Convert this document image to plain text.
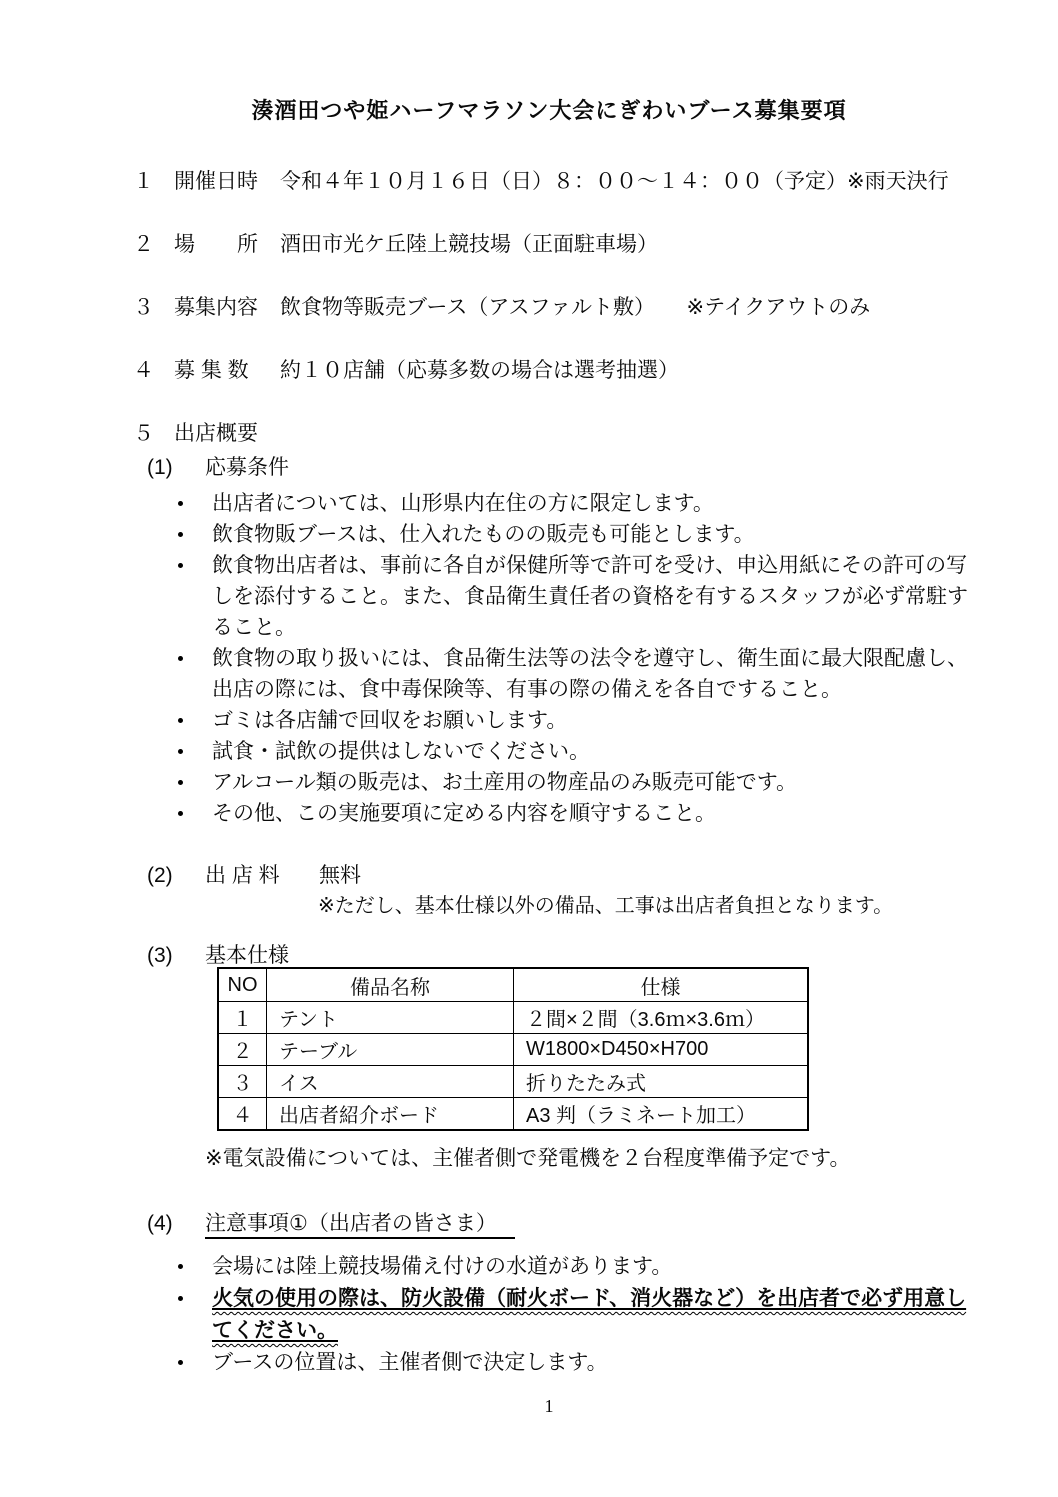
湊酒田つや姫ハーフマラソン大会にぎわいブース募集要項
１ 開催日時	令和４年１０月１６日（日）８：００～１４：００（予定）※雨天決行
２ 場　　所	酒田市光ケ丘陸上競技場（正面駐車場）
３ 募集内容	飲食物等販売ブース（アスファルト敷）　　※テイクアウトのみ
４ 募 集 数	約１０店舗（応募多数の場合は選考抽選）
５ 出店概要
(1)	応募条件
出店者については、山形県内在住の方に限定します。
飲食物販ブースは、仕入れたものの販売も可能とします。
飲食物出店者は、事前に各自が保健所等で許可を受け、申込用紙にその許可の写しを添付すること。また、食品衛生責任者の資格を有するスタッフが必ず常駐すること。
飲食物の取り扱いには、食品衛生法等の法令を遵守し、衛生面に最大限配慮し、出店の際には、食中毒保険等、有事の際の備えを各自ですること。
ゴミは各店舗で回収をお願いします。
試食・試飲の提供はしないでください。
アルコール類の販売は、お土産用の物産品のみ販売可能です。
その他、この実施要項に定める内容を順守すること。
(2)	出 店 料	無料
※ただし、基本仕様以外の備品、工事は出店者負担となります。
(3)	基本仕様
NO	備品名称	仕様
１	テント	２間×２間（3.6ｍ×3.6ｍ）
２	テーブル	W1800×D450×H700
３	イス	折りたたみ式
４	出店者紹介ボード	A3 判（ラミネート加工）
※電気設備については、主催者側で発電機を２台程度準備予定です。
(4)	注意事項①（出店者の皆さま）
会場には陸上競技場備え付けの水道があります。
火気の使用の際は、防火設備（耐火ボード、消火器など）を出店者で必ず用意してください。
ブースの位置は、主催者側で決定します。
1
